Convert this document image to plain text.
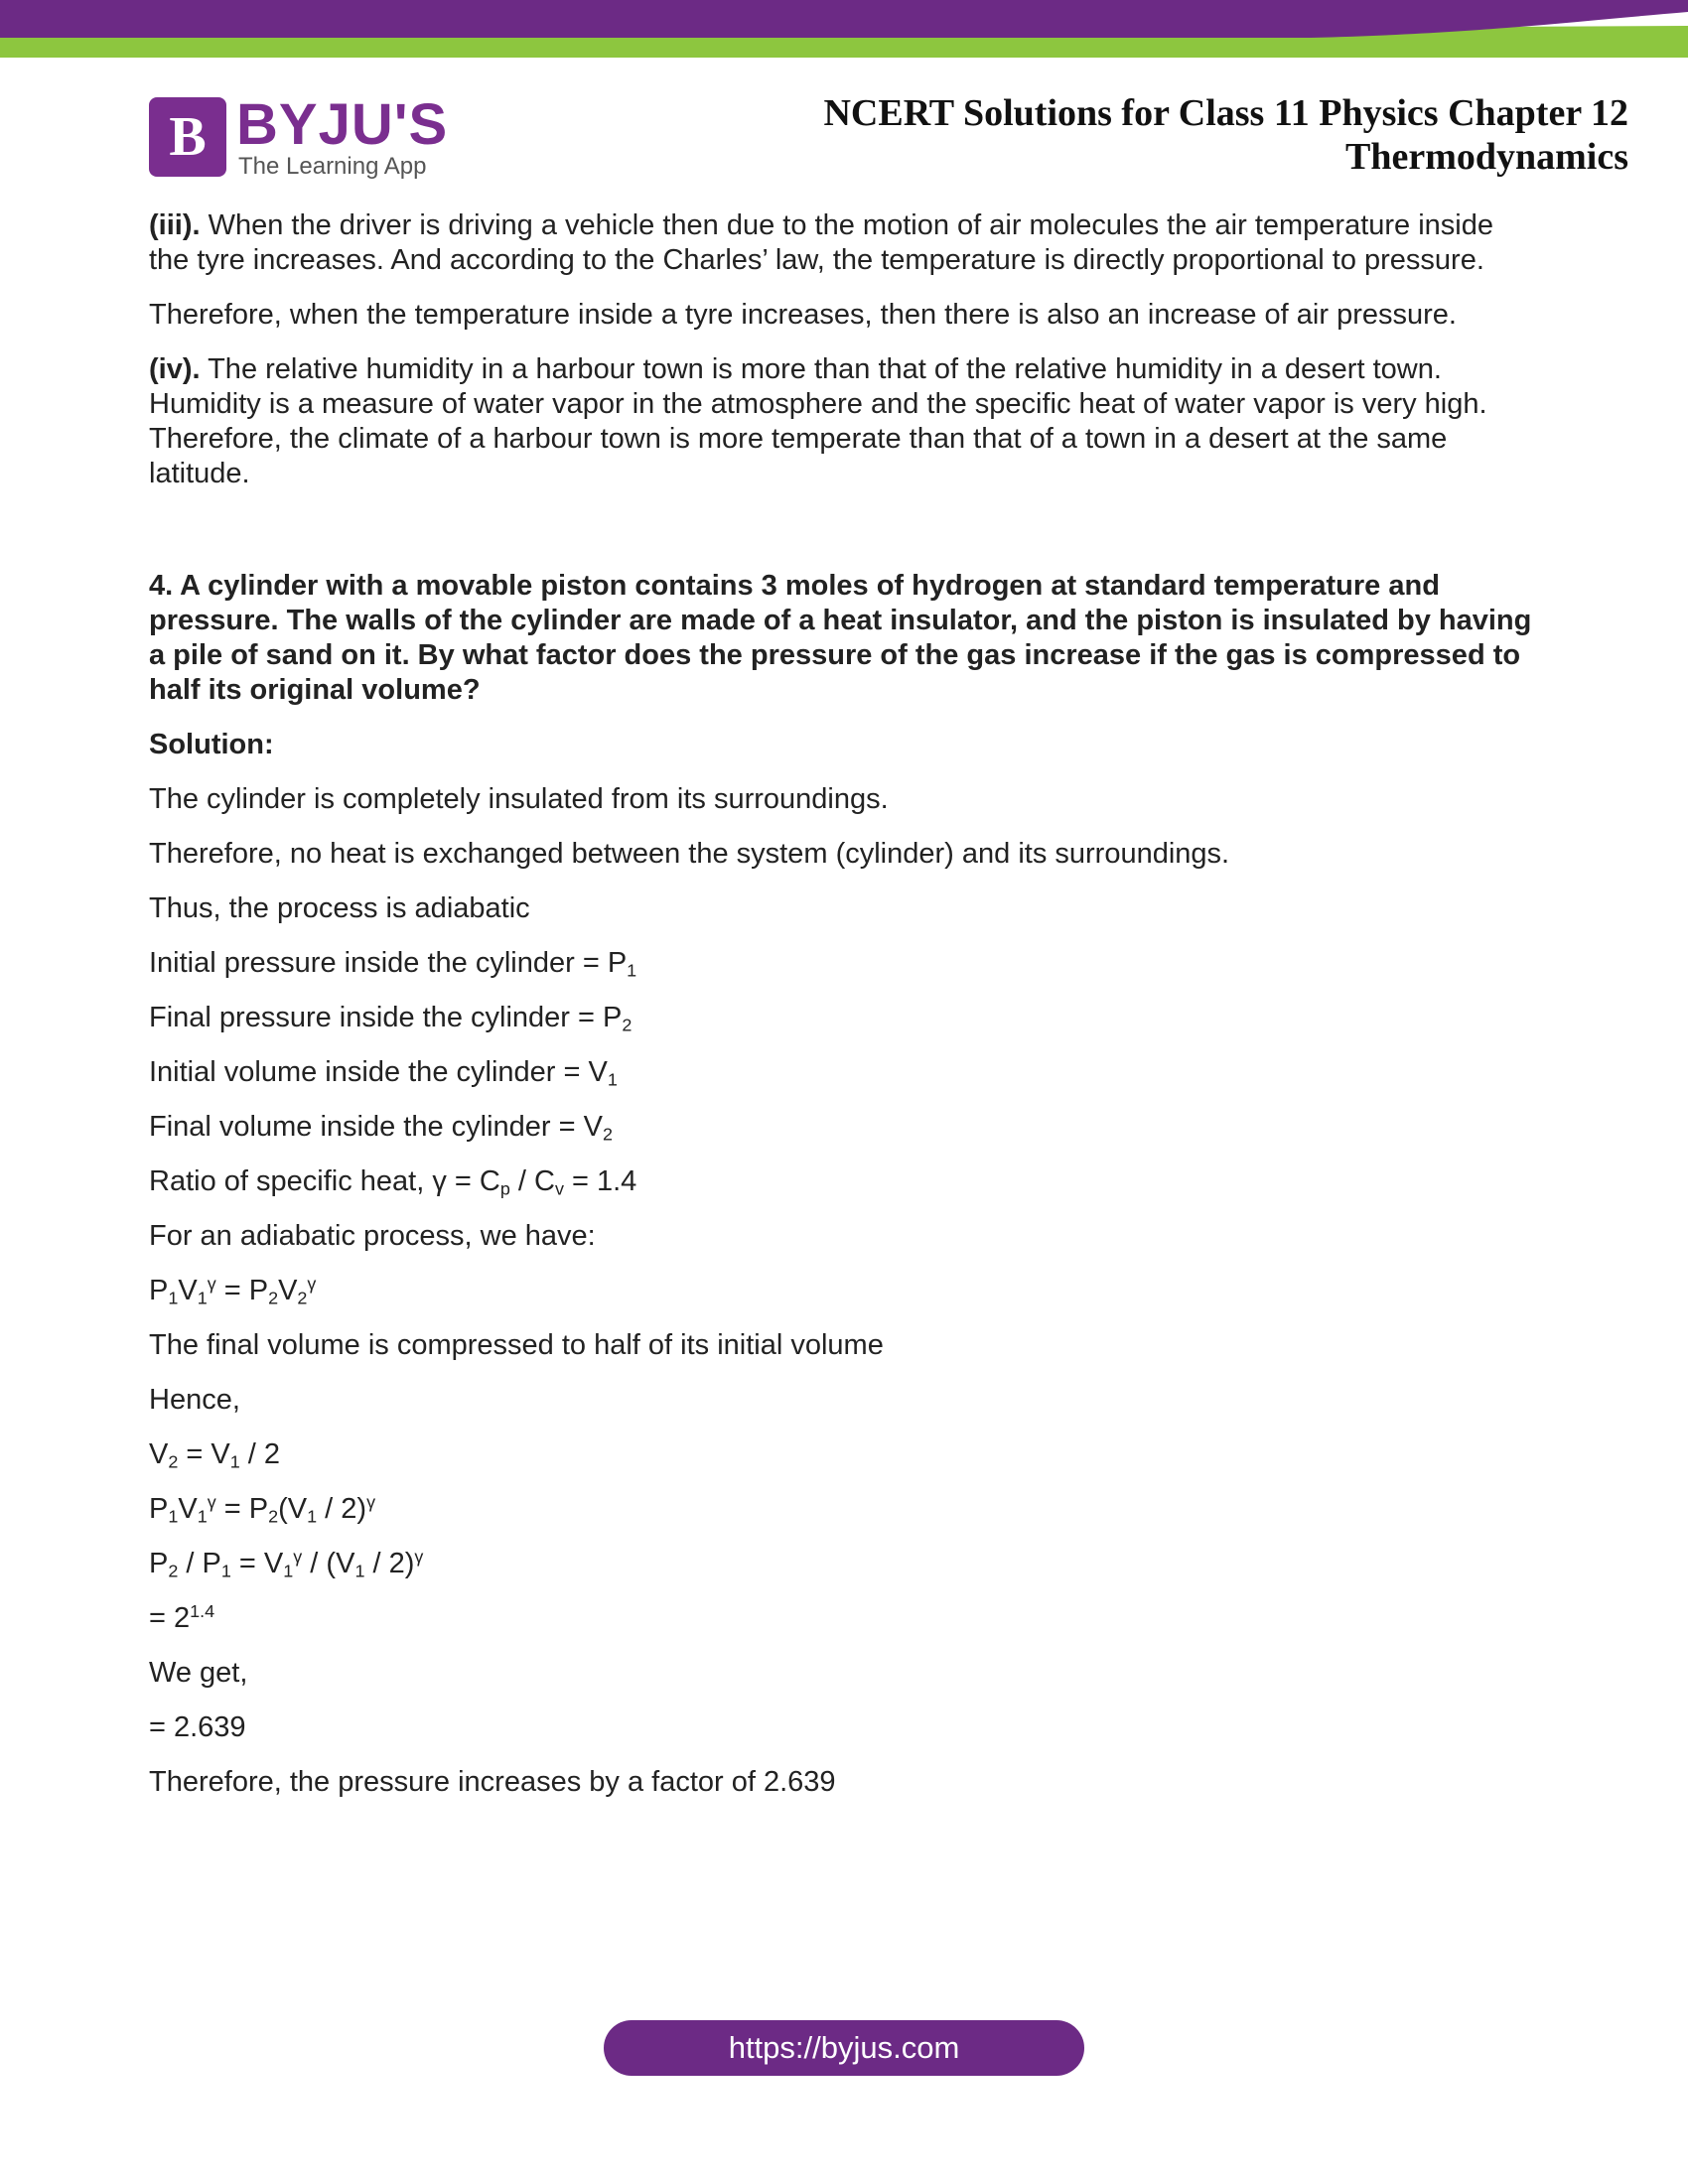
B BYJU'S
The Learning App
NCERT Solutions for Class 11 Physics Chapter 12
Thermodynamics

(iii). When the driver is driving a vehicle then due to the motion of air molecules the air temperature inside the tyre increases. And according to the Charles’ law, the temperature is directly proportional to pressure.

Therefore, when the temperature inside a tyre increases, then there is also an increase of air pressure.

(iv). The relative humidity in a harbour town is more than that of the relative humidity in a desert town. Humidity is a measure of water vapor in the atmosphere and the specific heat of water vapor is very high. Therefore, the climate of a harbour town is more temperate than that of a town in a desert at the same latitude.

4. A cylinder with a movable piston contains 3 moles of hydrogen at standard temperature and pressure. The walls of the cylinder are made of a heat insulator, and the piston is insulated by having a pile of sand on it. By what factor does the pressure of the gas increase if the gas is compressed to half its original volume?

Solution:

The cylinder is completely insulated from its surroundings.

Therefore, no heat is exchanged between the system (cylinder) and its surroundings.

Thus, the process is adiabatic

Initial pressure inside the cylinder = $P_1$

Final pressure inside the cylinder = $P_2$

Initial volume inside the cylinder = $V_1$

Final volume inside the cylinder = $V_2$

Ratio of specific heat, $\gamma = C_p / C_v = 1.4$

For an adiabatic process, we have:

$P_1V_1^\gamma = P_2V_2^\gamma$

The final volume is compressed to half of its initial volume

Hence,

$V_2 = V_1 / 2$

$P_1V_1^\gamma = P_2(V_1 / 2)^\gamma$

$P_2 / P_1 = V_1^\gamma / (V_1 / 2)^\gamma$

= $2^{1.4}$

We get,

= 2.639

Therefore, the pressure increases by a factor of 2.639

https://byjus.com
